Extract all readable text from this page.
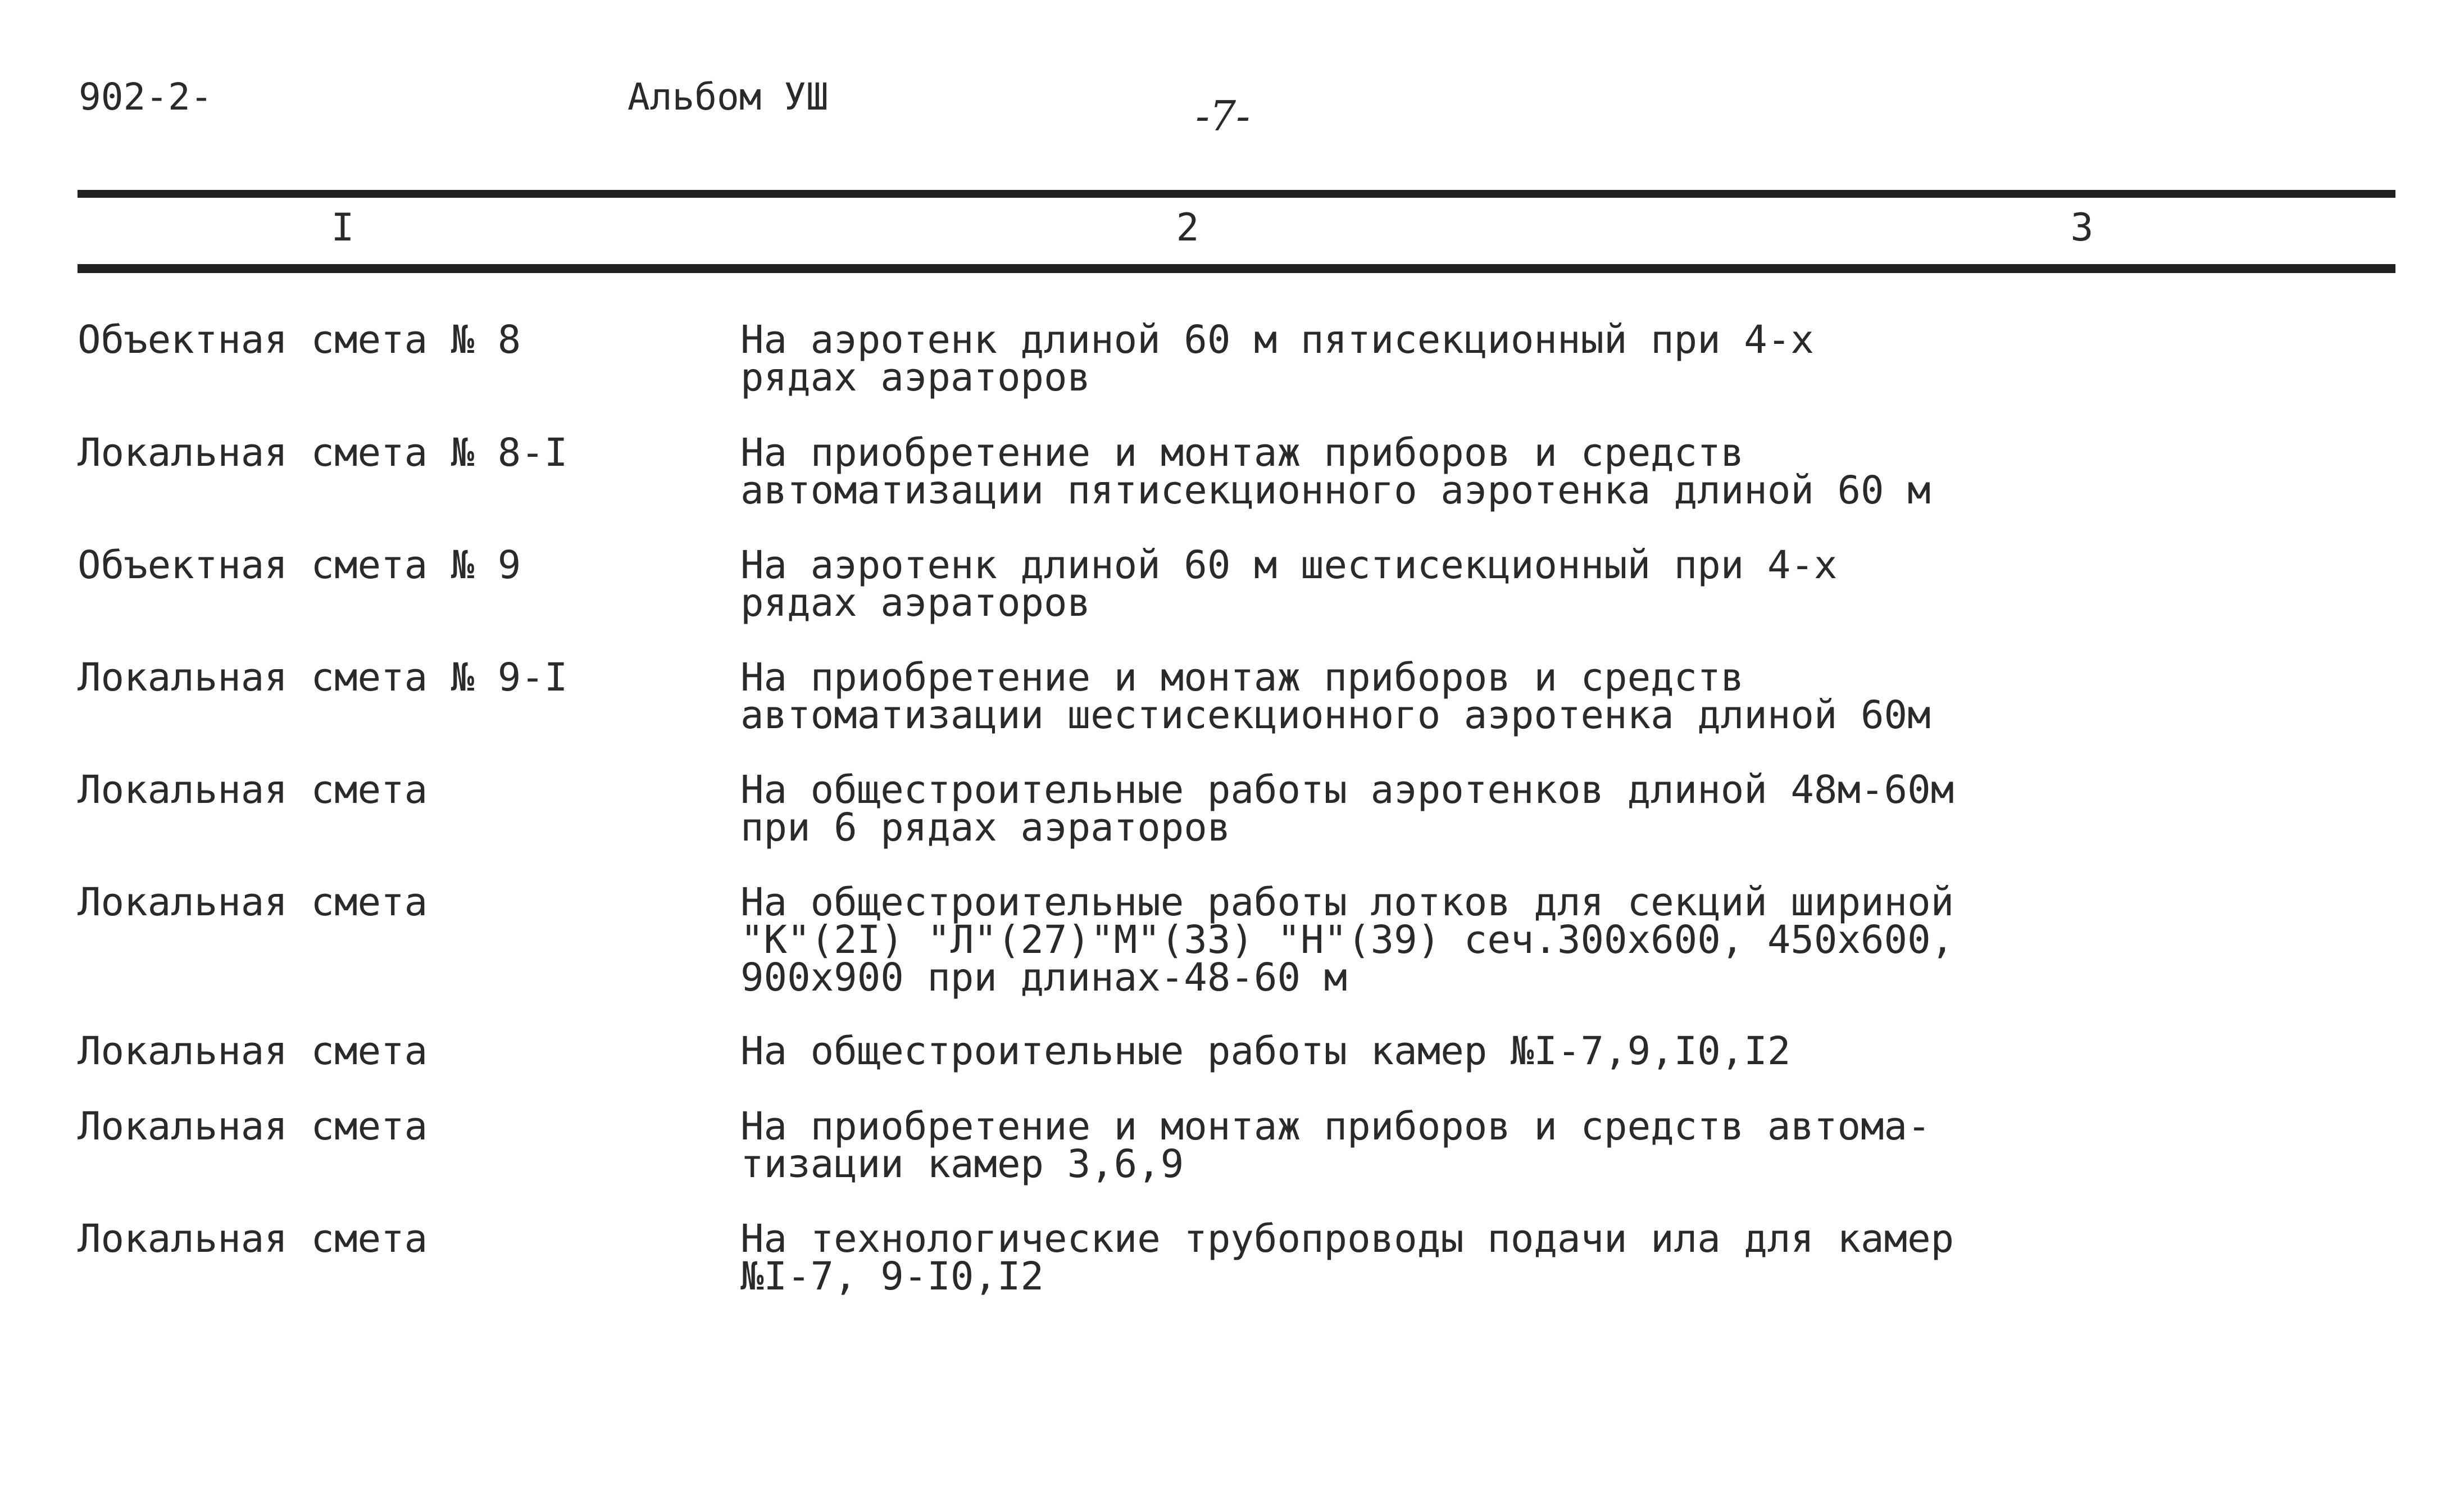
902-2-	Альбом УШ	-7-
I	2	3
Объектная смета № 8	На аэротенк длиной 60 м пятисекционный при 4-х
рядах аэраторов
Локальная смета № 8-I	На приобретение и монтаж приборов и средств
автоматизации пятисекционного аэротенка длиной 60 м
Объектная смета № 9	На аэротенк длиной 60 м шестисекционный при 4-х
рядах аэраторов
Локальная смета № 9-I	На приобретение и монтаж приборов и средств
автоматизации шестисекционного аэротенка длиной 60м
Локальная смета	На общестроительные работы аэротенков длиной 48м-60м
при 6 рядах аэраторов
Локальная смета	На общестроительные работы лотков для секций шириной
"К"(2I) "Л"(27)"М"(33) "Н"(39) сеч.300х600, 450х600,
900х900 при длинах-48-60 м
Локальная смета	На общестроительные работы камер №I-7,9,I0,I2
Локальная смета	На приобретение и монтаж приборов и средств автома-
тизации камер 3,6,9
Локальная смета	На технологические трубопроводы подачи ила для камер
№I-7, 9-I0,I2
